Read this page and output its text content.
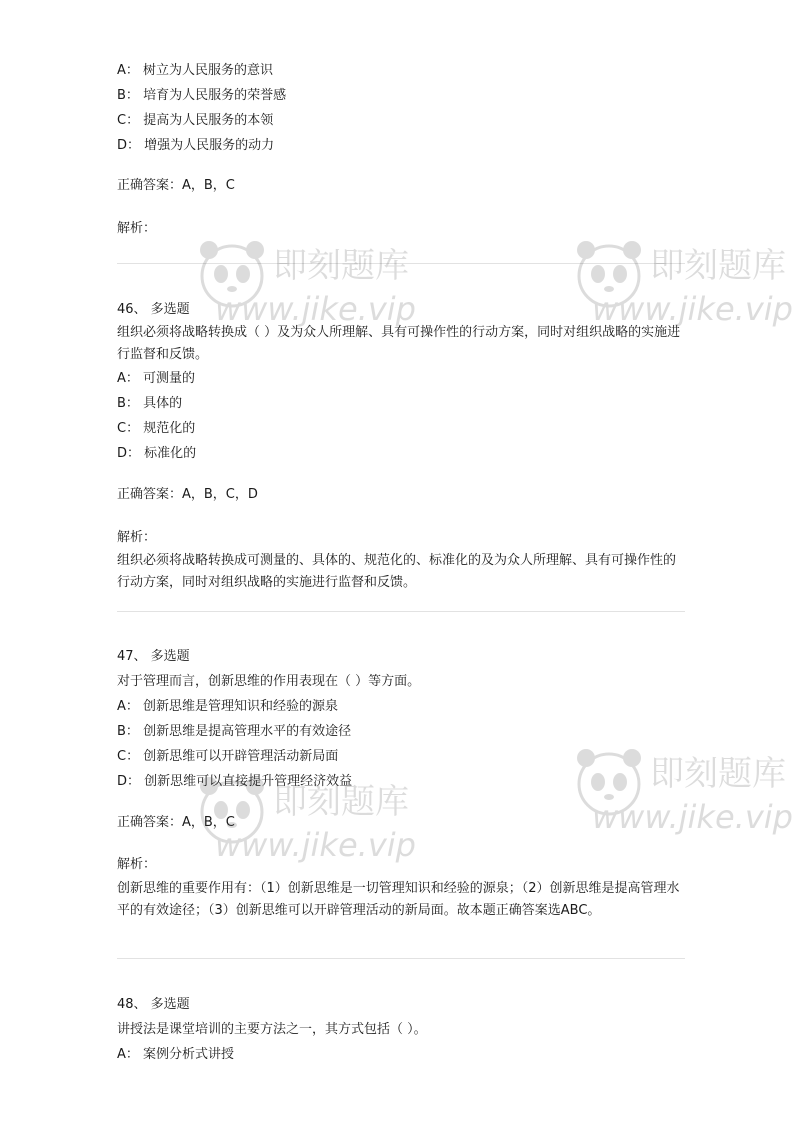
A： 树立为人民服务的意识
B： 培育为人民服务的荣誉感
C： 提高为人民服务的本领
D： 增强为人民服务的动力
正确答案：A，B，C
解析：
46、 多选题
组织必须将战略转换成（ ）及为众人所理解、具有可操作性的行动方案，同时对组织战略的实施进行监督和反馈。
A： 可测量的
B： 具体的
C： 规范化的
D： 标准化的
正确答案：A，B，C，D
解析：
组织必须将战略转换成可测量的、具体的、规范化的、标准化的及为众人所理解、具有可操作性的行动方案，同时对组织战略的实施进行监督和反馈。
47、 多选题
对于管理而言，创新思维的作用表现在（ ）等方面。
A： 创新思维是管理知识和经验的源泉
B： 创新思维是提高管理水平的有效途径
C： 创新思维可以开辟管理活动新局面
D： 创新思维可以直接提升管理经济效益
正确答案：A，B，C
解析：
创新思维的重要作用有：（1）创新思维是一切管理知识和经验的源泉；（2）创新思维是提高管理水平的有效途径；（3）创新思维可以开辟管理活动的新局面。故本题正确答案选ABC。
48、 多选题
讲授法是课堂培训的主要方法之一，其方式包括（ ）。
A： 案例分析式讲授
即刻题库
www.jike.vip
即刻题库
www.jike.vip
即刻题库
www.jike.vip
即刻题库
www.jike.vip
